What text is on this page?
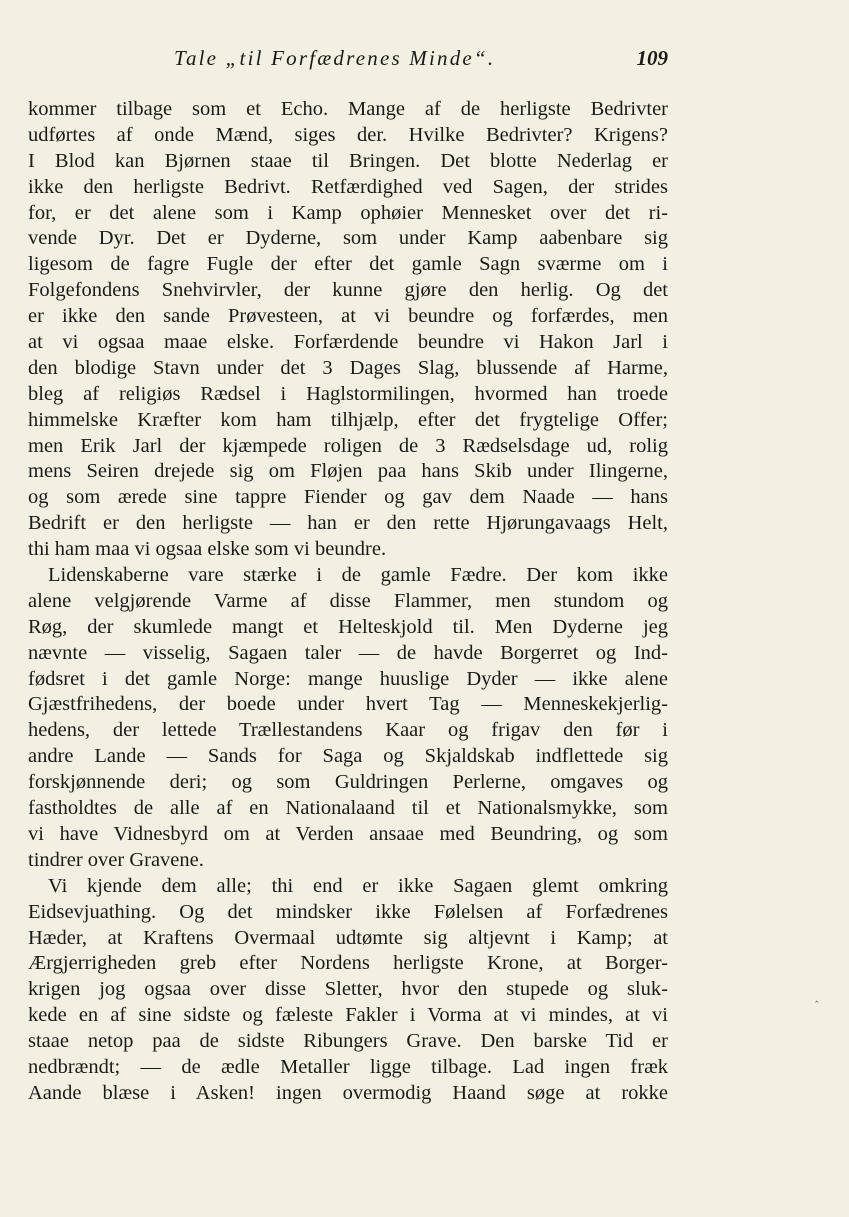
Tale „til Forfædrenes Minde“.	109
kommer tilbage som et Echo. Mange af de herligste Bedrivter
udførtes af onde Mænd, siges der. Hvilke Bedrivter? Krigens?
I Blod kan Bjørnen staae til Bringen. Det blotte Nederlag er
ikke den herligste Bedrivt. Retfærdighed ved Sagen, der strides
for, er det alene som i Kamp ophøier Mennesket over det ri-
vende Dyr. Det er Dyderne, som under Kamp aabenbare sig
ligesom de fagre Fugle der efter det gamle Sagn sværme om i
Folgefondens Snehvirvler, der kunne gjøre den herlig. Og det
er ikke den sande Prøvesteen, at vi beundre og forfærdes, men
at vi ogsaa maae elske. Forfærdende beundre vi Hakon Jarl i
den blodige Stavn under det 3 Dages Slag, blussende af Harme,
bleg af religiøs Rædsel i Haglstormilingen, hvormed han troede
himmelske Kræfter kom ham tilhjælp, efter det frygtelige Offer;
men Erik Jarl der kjæmpede roligen de 3 Rædselsdage ud, rolig
mens Seiren drejede sig om Fløjen paa hans Skib under Ilingerne,
og som ærede sine tappre Fiender og gav dem Naade — hans
Bedrift er den herligste — han er den rette Hjørungavaags Helt,
thi ham maa vi ogsaa elske som vi beundre.
Lidenskaberne vare stærke i de gamle Fædre. Der kom ikke
alene velgjørende Varme af disse Flammer, men stundom og
Røg, der skumlede mangt et Helteskjold til. Men Dyderne jeg
nævnte — visselig, Sagaen taler — de havde Borgerret og Ind-
fødsret i det gamle Norge: mange huuslige Dyder — ikke alene
Gjæstfrihedens, der boede under hvert Tag — Menneskekjerlig-
hedens, der lettede Trællestandens Kaar og frigav den før i
andre Lande — Sands for Saga og Skjaldskab indflettede sig
forskjønnende deri; og som Guldringen Perlerne, omgaves og
fastholdtes de alle af en Nationalaand til et Nationalsmykke, som
vi have Vidnesbyrd om at Verden ansaae med Beundring, og som
tindrer over Gravene.
Vi kjende dem alle; thi end er ikke Sagaen glemt omkring
Eidsevjuathing. Og det mindsker ikke Følelsen af Forfædrenes
Hæder, at Kraftens Overmaal udtømte sig altjevnt i Kamp; at
Ærgjerrigheden greb efter Nordens herligste Krone, at Borger-
krigen jog ogsaa over disse Sletter, hvor den stupede og sluk-
kede en af sine sidste og fæleste Fakler i Vorma at vi mindes, at vi
staae netop paa de sidste Ribungers Grave. Den barske Tid er
nedbrændt; — de ædle Metaller ligge tilbage. Lad ingen fræk
Aande blæse i Asken! ingen overmodig Haand søge at rokke
‸
